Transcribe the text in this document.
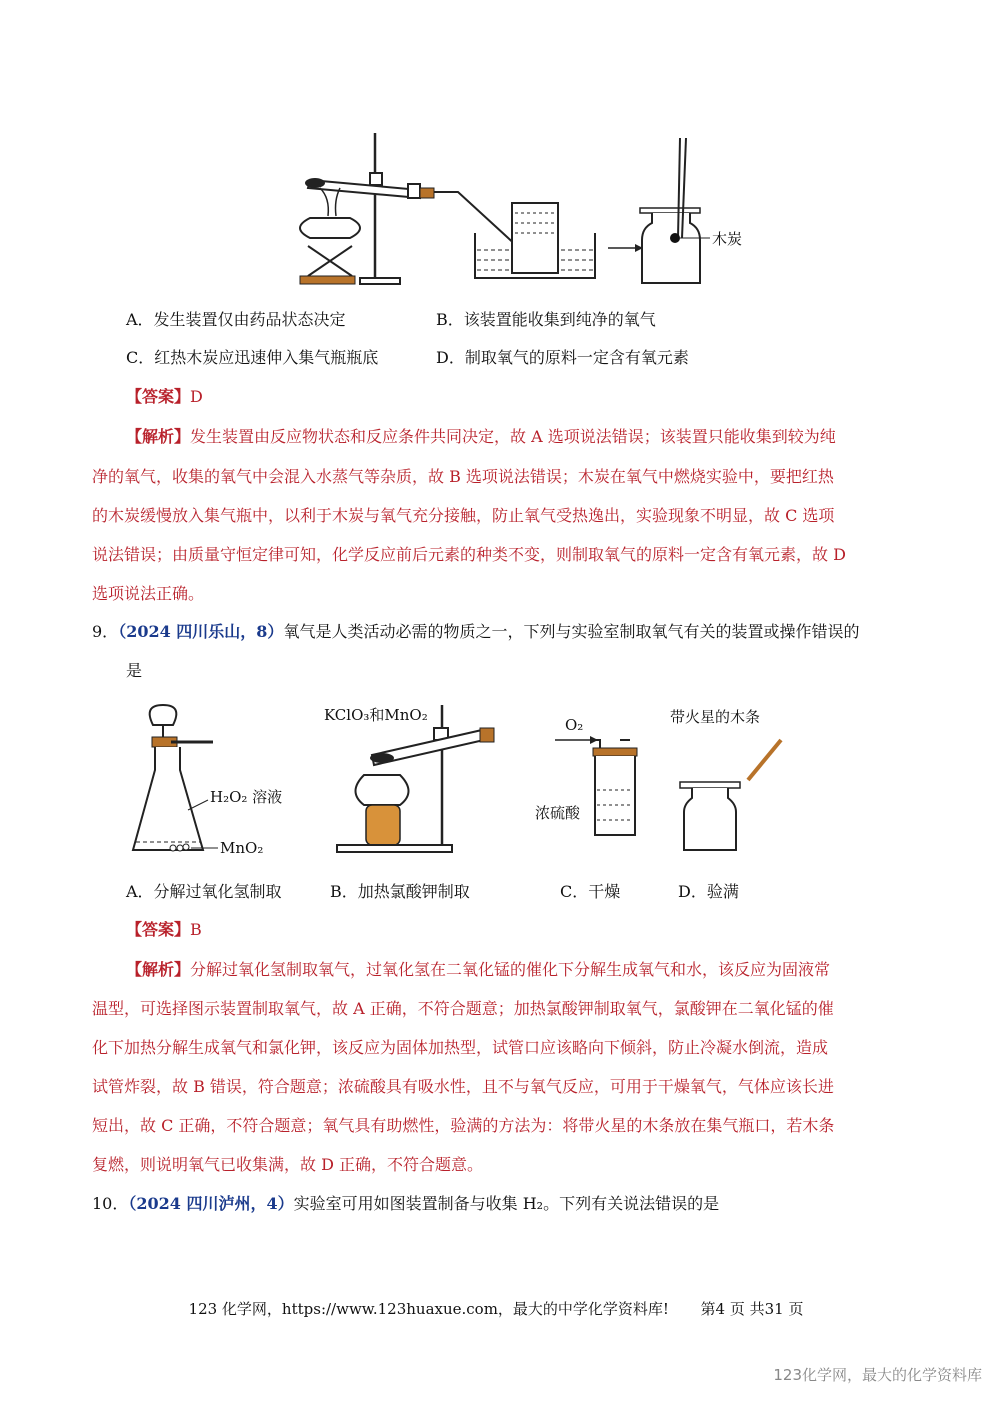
木炭
A．发生装置仅由药品状态决定	B．该装置能收集到纯净的氧气
C．红热木炭应迅速伸入集气瓶瓶底	D．制取氧气的原料一定含有氧元素
【答案】D
【解析】发生装置由反应物状态和反应条件共同决定，故 A 选项说法错误；该装置只能收集到较为纯
净的氧气，收集的氧气中会混入水蒸气等杂质，故 B 选项说法错误；木炭在氧气中燃烧实验中，要把红热
的木炭缓慢放入集气瓶中，以利于木炭与氧气充分接触，防止氧气受热逸出，实验现象不明显，故 C 选项
说法错误；由质量守恒定律可知，化学反应前后元素的种类不变，则制取氧气的原料一定含有氧元素，故 D
选项说法正确。
9．（2024 四川乐山，8）氧气是人类活动必需的物质之一，下列与实验室制取氧气有关的装置或操作错误的
是
H₂O₂ 溶液
MnO₂
KClO₃和MnO₂
O₂
浓硫酸
带火星的木条
A．分解过氧化氢制取	B．加热氯酸钾制取	C．干燥	D．验满
【答案】B
【解析】分解过氧化氢制取氧气，过氧化氢在二氧化锰的催化下分解生成氧气和水，该反应为固液常
温型，可选择图示装置制取氧气，故 A 正确，不符合题意；加热氯酸钾制取氧气，氯酸钾在二氧化锰的催
化下加热分解生成氧气和氯化钾，该反应为固体加热型，试管口应该略向下倾斜，防止冷凝水倒流，造成
试管炸裂，故 B 错误，符合题意；浓硫酸具有吸水性，且不与氧气反应，可用于干燥氧气，气体应该长进
短出，故 C 正确，不符合题意；氧气具有助燃性，验满的方法为：将带火星的木条放在集气瓶口，若木条
复燃，则说明氧气已收集满，故 D 正确，不符合题意。
10．（2024 四川泸州，4）实验室可用如图装置制备与收集 H₂。下列有关说法错误的是
123 化学网，https://www.123huaxue.com，最大的中学化学资料库! 第4 页 共31 页
123化学网，最大的化学资料库
